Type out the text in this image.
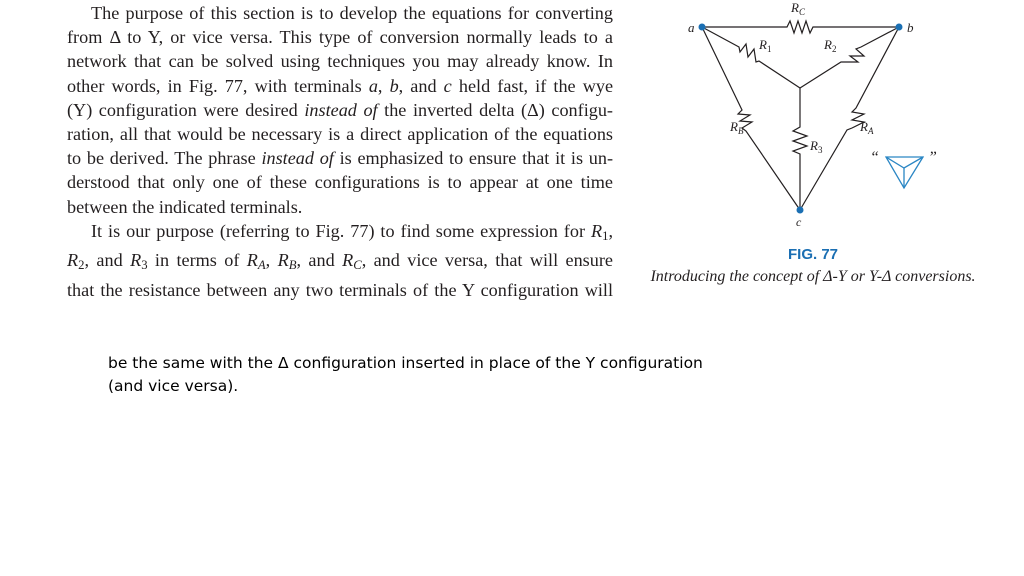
The purpose of this section is to develop the equations for converting
from Δ to Y, or vice versa. This type of conversion normally leads to a
network that can be solved using techniques you may already know. In
other words, in Fig. 77, with terminals a, b, and c held fast, if the wye
(Y) configuration were desired instead of the inverted delta (Δ) configu-
ration, all that would be necessary is a direct application of the equations
to be derived. The phrase instead of is emphasized to ensure that it is un-
derstood that only one of these configurations is to appear at one time
between the indicated terminals.
It is our purpose (referring to Fig. 77) to find some expression for $R_1$,
$R_2$, and $R_3$ in terms of $R_A$, $R_B$, and $R_C$, and vice versa, that will ensure
that the resistance between any two terminals of the Y configuration will
a	b
c
$R_C$
$R_1$	$R_2$
$R_B$
$R_3$
$R_A$
“	”
FIG. 77
Introducing the concept of Δ-Y or Y-Δ conversions.
be the same with the Δ configuration inserted in place of the Y configuration
(and vice versa).
